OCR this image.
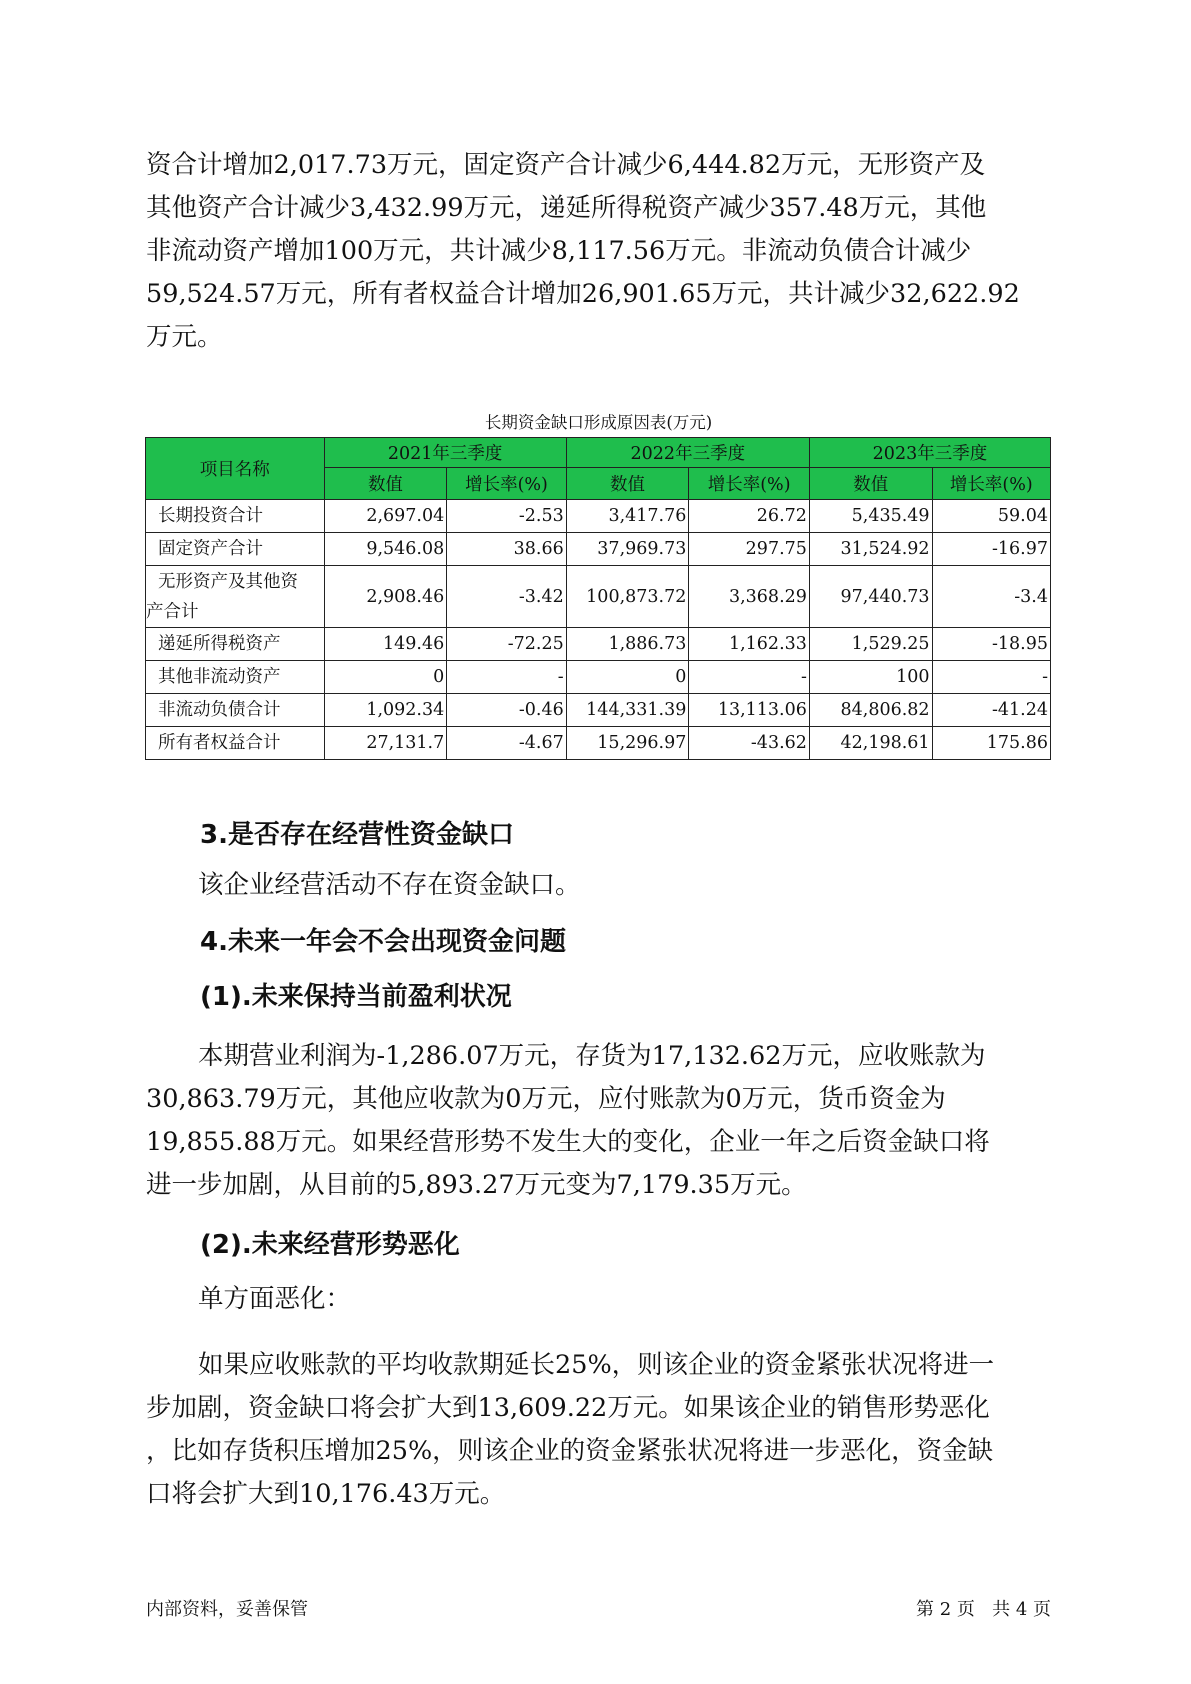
资合计增加2,017.73万元，固定资产合计减少6,444.82万元，无形资产及
其他资产合计减少3,432.99万元，递延所得税资产减少357.48万元，其他
非流动资产增加100万元，共计减少8,117.56万元。非流动负债合计减少
59,524.57万元，所有者权益合计增加26,901.65万元，共计减少32,622.92
万元。
长期资金缺口形成原因表(万元)
项目名称	2021年三季度		2022年三季度		2023年三季度	
	数值	增长率(%)	数值	增长率(%)	数值	增长率(%)
长期投资合计	2,697.04	-2.53	3,417.76	26.72	5,435.49	59.04
固定资产合计	9,546.08	38.66	37,969.73	297.75	31,524.92	-16.97

无形资产及其他资
产合计	2,908.46	-3.42	100,873.72	3,368.29	97,440.73	-3.4
递延所得税资产	149.46	-72.25	1,886.73	1,162.33	1,529.25	-18.95
其他非流动资产	0	-	0	-	100	-
非流动负债合计	1,092.34	-0.46	144,331.39	13,113.06	84,806.82	-41.24
所有者权益合计	27,131.7	-4.67	15,296.97	-43.62	42,198.61	175.86
3.是否存在经营性资金缺口
该企业经营活动不存在资金缺口。
4.未来一年会不会出现资金问题
(1).未来保持当前盈利状况
本期营业利润为-1,286.07万元，存货为17,132.62万元，应收账款为
30,863.79万元，其他应收款为0万元，应付账款为0万元，货币资金为
19,855.88万元。如果经营形势不发生大的变化，企业一年之后资金缺口将
进一步加剧，从目前的5,893.27万元变为7,179.35万元。
(2).未来经营形势恶化
单方面恶化：
如果应收账款的平均收款期延长25%，则该企业的资金紧张状况将进一
步加剧，资金缺口将会扩大到13,609.22万元。如果该企业的销售形势恶化
，比如存货积压增加25%，则该企业的资金紧张状况将进一步恶化，资金缺
口将会扩大到10,176.43万元。
内部资料，妥善保管	第 2 页   共 4 页
